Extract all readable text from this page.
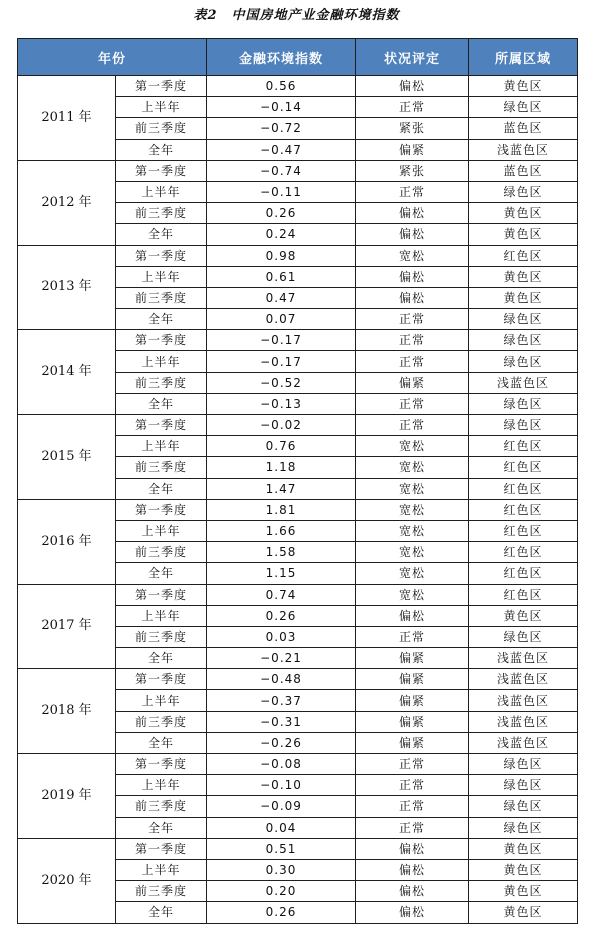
表2　中国房地产业金融环境指数
年份		金融环境指数	状况评定	所属区域
2011 年	第一季度	0.56	偏松	黄色区
	上半年	−0.14	正常	绿色区
	前三季度	−0.72	紧张	蓝色区
	全年	−0.47	偏紧	浅蓝色区
2012 年	第一季度	−0.74	紧张	蓝色区
	上半年	−0.11	正常	绿色区
	前三季度	0.26	偏松	黄色区
	全年	0.24	偏松	黄色区
2013 年	第一季度	0.98	宽松	红色区
	上半年	0.61	偏松	黄色区
	前三季度	0.47	偏松	黄色区
	全年	0.07	正常	绿色区
2014 年	第一季度	−0.17	正常	绿色区
	上半年	−0.17	正常	绿色区
	前三季度	−0.52	偏紧	浅蓝色区
	全年	−0.13	正常	绿色区
2015 年	第一季度	−0.02	正常	绿色区
	上半年	0.76	宽松	红色区
	前三季度	1.18	宽松	红色区
	全年	1.47	宽松	红色区
2016 年	第一季度	1.81	宽松	红色区
	上半年	1.66	宽松	红色区
	前三季度	1.58	宽松	红色区
	全年	1.15	宽松	红色区
2017 年	第一季度	0.74	宽松	红色区
	上半年	0.26	偏松	黄色区
	前三季度	0.03	正常	绿色区
	全年	−0.21	偏紧	浅蓝色区
2018 年	第一季度	−0.48	偏紧	浅蓝色区
	上半年	−0.37	偏紧	浅蓝色区
	前三季度	−0.31	偏紧	浅蓝色区
	全年	−0.26	偏紧	浅蓝色区
2019 年	第一季度	−0.08	正常	绿色区
	上半年	−0.10	正常	绿色区
	前三季度	−0.09	正常	绿色区
	全年	0.04	正常	绿色区
2020 年	第一季度	0.51	偏松	黄色区
	上半年	0.30	偏松	黄色区
	前三季度	0.20	偏松	黄色区
	全年	0.26	偏松	黄色区
